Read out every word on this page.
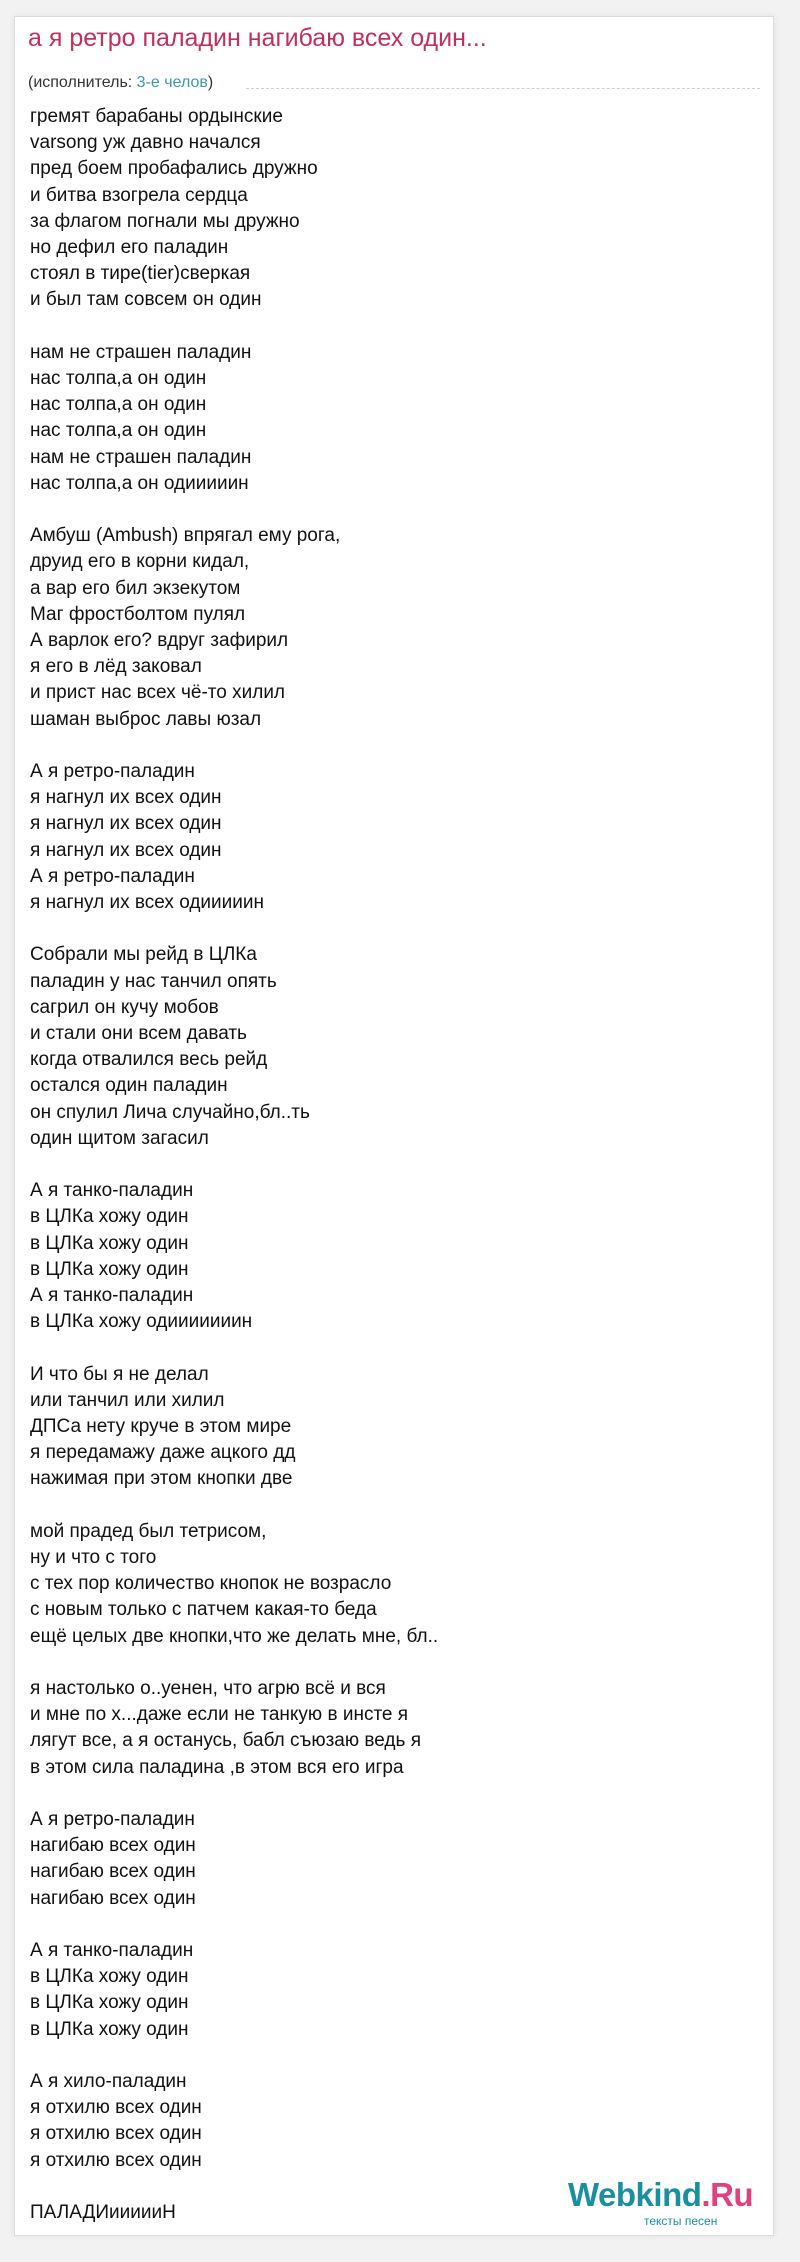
а я ретро паладин нагибаю всех один...
(исполнитель: 3-е челов)
гремят барабаны ордынские
varsong уж давно начался
пред боем пробафались дружно
и битва взогрела сердца
за флагом погнали мы дружно
но дефил его паладин
стоял в тире(tier)сверкая
и был там совсем он один
нам не страшен паладин
нас толпа,а он один
нас толпа,а он один
нас толпа,а он один
нам не страшен паладин
нас толпа,а он одииииин
Амбуш (Ambush) впрягал ему рога,
друид его в корни кидал,
а вар его бил экзекутом
Маг фростболтом пулял
А варлок его? вдруг зафирил
я его в лёд заковал
и прист нас всех чё-то хилил
шаман выброс лавы юзал
А я ретро-паладин
я нагнул их всех один
я нагнул их всех один
я нагнул их всех один
А я ретро-паладин
я нагнул их всех одииииин
Собрали мы рейд в ЦЛКа
паладин у нас танчил опять
сагрил он кучу мобов
и стали они всем давать
когда отвалился весь рейд
остался один паладин
он спулил Лича случайно,бл..ть
один щитом загасил
А я танко-паладин
в ЦЛКа хожу один
в ЦЛКа хожу один
в ЦЛКа хожу один
А я танко-паладин
в ЦЛКа хожу одииииииин
И что бы я не делал
или танчил или хилил
ДПСа нету круче в этом мире
я передамажу даже ацкого дд
нажимая при этом кнопки две
мой прадед был тетрисом,
ну и что с того
с тех пор количество кнопок не возрасло
с новым только с патчем какая-то беда
ещё целых две кнопки,что же делать мне, бл..
я настолько о..уенен, что агрю всё и вся
и мне по х...даже если не танкую в инсте я
лягут все, а я останусь, бабл съюзаю ведь я
в этом сила паладина ,в этом вся его игра
А я ретро-паладин
нагибаю всех один
нагибаю всех один
нагибаю всех один
А я танко-паладин
в ЦЛКа хожу один
в ЦЛКа хожу один
в ЦЛКа хожу один
А я хило-паладин
я отхилю всех один
я отхилю всех один
я отхилю всех один
ПАЛАДИиииииН	Webkind.Ru
тексты песен
